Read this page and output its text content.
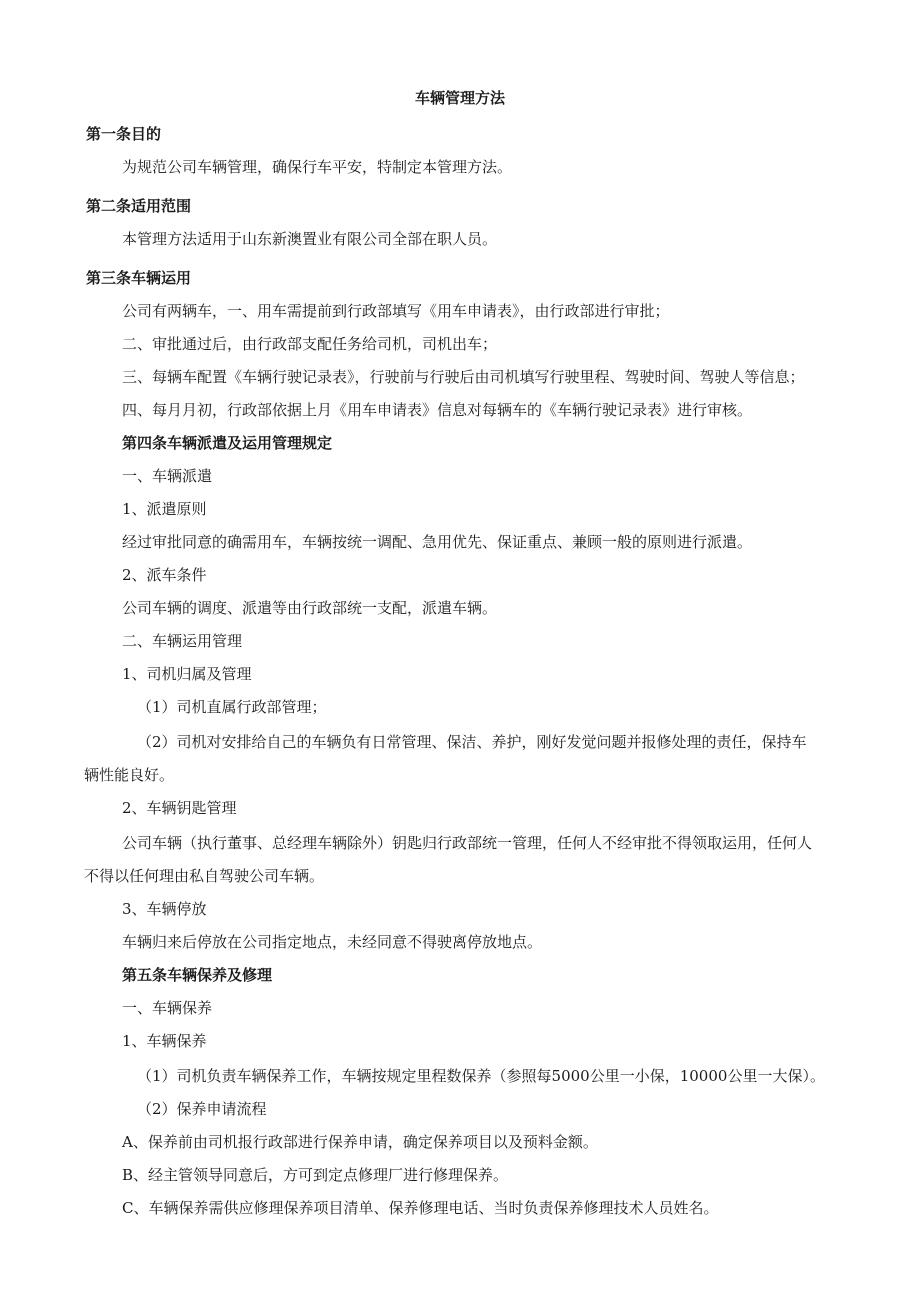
车辆管理方法
第一条目的
为规范公司车辆管理，确保行车平安，特制定本管理方法。
第二条适用范围
本管理方法适用于山东新澳置业有限公司全部在职人员。
第三条车辆运用
公司有两辆车，一、用车需提前到行政部填写《用车申请表》，由行政部进行审批；
二、审批通过后，由行政部支配任务给司机，司机出车；
三、每辆车配置《车辆行驶记录表》，行驶前与行驶后由司机填写行驶里程、驾驶时间、驾驶人等信息；
四、每月月初，行政部依据上月《用车申请表》信息对每辆车的《车辆行驶记录表》进行审核。
第四条车辆派遣及运用管理规定
一、车辆派遣
1、派遣原则
经过审批同意的确需用车，车辆按统一调配、急用优先、保证重点、兼顾一般的原则进行派遣。
2、派车条件
公司车辆的调度、派遣等由行政部统一支配，派遣车辆。
二、车辆运用管理
1、司机归属及管理
（1）司机直属行政部管理；
（2）司机对安排给自己的车辆负有日常管理、保洁、养护，刚好发觉问题并报修处理的责任，保持车
辆性能良好。
2、车辆钥匙管理
公司车辆（执行董事、总经理车辆除外）钥匙归行政部统一管理，任何人不经审批不得领取运用，任何人
不得以任何理由私自驾驶公司车辆。
3、车辆停放
车辆归来后停放在公司指定地点，未经同意不得驶离停放地点。
第五条车辆保养及修理
一、车辆保养
1、车辆保养
（1）司机负责车辆保养工作，车辆按规定里程数保养（参照每5000公里一小保，10000公里一大保）。
（2）保养申请流程
A、保养前由司机报行政部进行保养申请，确定保养项目以及预料金额。
B、经主管领导同意后，方可到定点修理厂进行修理保养。
C、车辆保养需供应修理保养项目清单、保养修理电话、当时负责保养修理技术人员姓名。
